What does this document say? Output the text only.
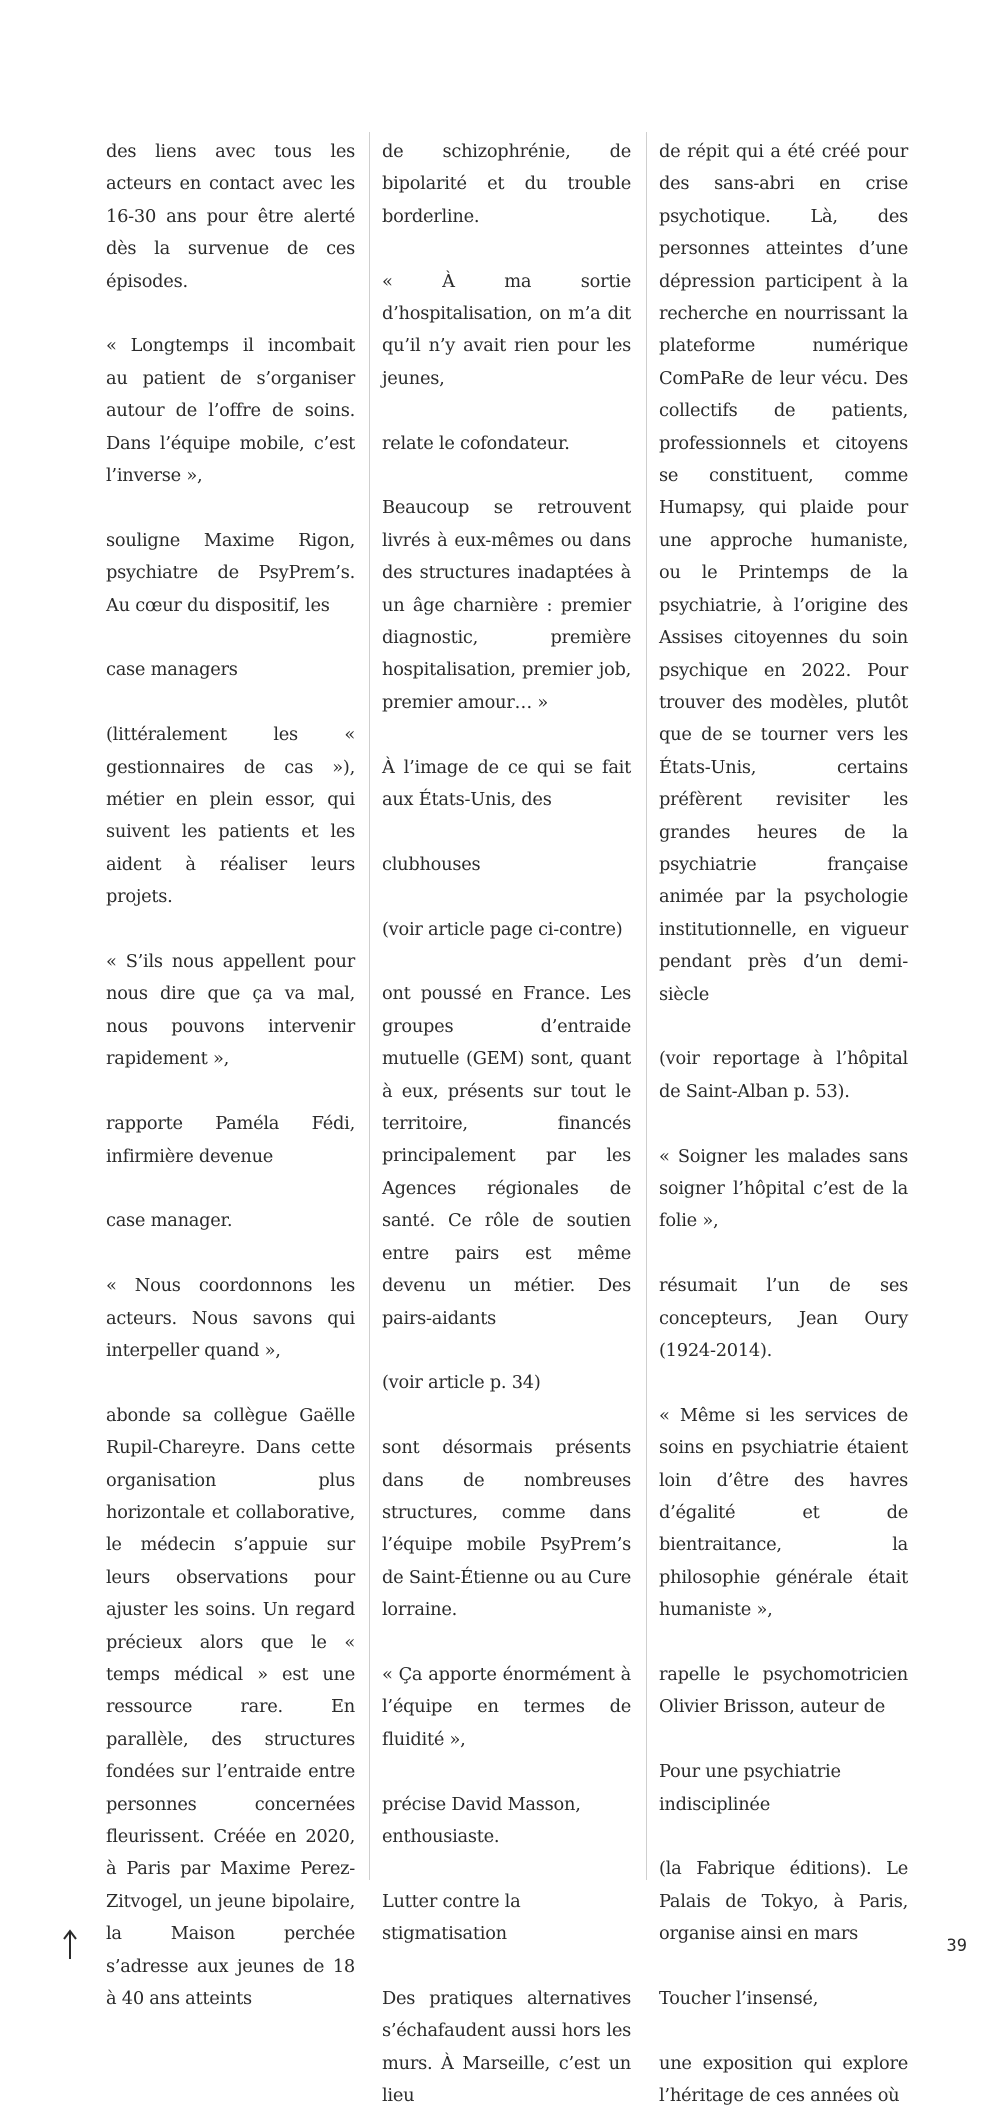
des liens avec tous les acteurs en contact avec les 16-30 ans pour être alerté dès la survenue de ces épisodes.

« Longtemps il incombait au patient de s’organiser autour de l’offre de soins. Dans l’équipe mobile, c’est l’inverse »,

souligne Maxime Rigon, psychiatre de PsyPrem’s. Au cœur du dispositif, les

case managers

(littéralement les « gestionnaires de cas »), métier en plein essor, qui suivent les patients et les aident à réaliser leurs projets.

« S’ils nous appellent pour nous dire que ça va mal, nous pouvons intervenir rapidement »,

rapporte Paméla Fédi, infirmière devenue

case manager.

« Nous coordonnons les acteurs. Nous savons qui interpeller quand »,

abonde sa collègue Gaëlle Rupil-Chareyre. Dans cette organisation plus horizontale et collaborative, le médecin s’appuie sur leurs observations pour ajuster les soins. Un regard précieux alors que le « temps médical » est une ressource rare. En parallèle, des structures fondées sur l’entraide entre personnes concernées fleurissent. Créée en 2020, à Paris par Maxime Perez-Zitvogel, un jeune bipolaire, la Maison perchée s’adresse aux jeunes de 18 à 40 ans atteints

de schizophrénie, de bipolarité et du trouble borderline.

« À ma sortie d’hospitalisation, on m’a dit qu’il n’y avait rien pour les jeunes,

relate le cofondateur.

Beaucoup se retrouvent livrés à eux-mêmes ou dans des structures inadaptées à un âge charnière : premier diagnostic, première hospitalisation, premier job, premier amour… »

À l’image de ce qui se fait aux États-Unis, des

clubhouses

(voir article page ci-contre)

ont poussé en France. Les groupes d’entraide mutuelle (GEM) sont, quant à eux, présents sur tout le territoire, financés principalement par les Agences régionales de santé. Ce rôle de soutien entre pairs est même devenu un métier. Des pairs-aidants

(voir article p. 34)

sont désormais présents dans de nombreuses structures, comme dans l’équipe mobile PsyPrem’s de Saint-Étienne ou au Cure lorraine.

« Ça apporte énormément à l’équipe en termes de fluidité »,

précise David Masson, enthousiaste.

Lutter contre la stigmatisation

Des pratiques alternatives s’échafaudent aussi hors les murs. À Marseille, c’est un lieu

de répit qui a été créé pour des sans-abri en crise psychotique. Là, des personnes atteintes d’une dépression participent à la recherche en nourrissant la plateforme numérique ComPaRe de leur vécu. Des collectifs de patients, professionnels et citoyens se constituent, comme Humapsy, qui plaide pour une approche humaniste, ou le Printemps de la psychiatrie, à l’origine des Assises citoyennes du soin psychique en 2022. Pour trouver des modèles, plutôt que de se tourner vers les États-Unis, certains préfèrent revisiter les grandes heures de la psychiatrie française animée par la psychologie institutionnelle, en vigueur pendant près d’un demi-siècle

(voir reportage à l’hôpital de Saint-Alban p. 53).

« Soigner les malades sans soigner l’hôpital c’est de la folie »,

résumait l’un de ses concepteurs, Jean Oury (1924-2014).

« Même si les services de soins en psychiatrie étaient loin d’être des havres d’égalité et de bientraitance, la philosophie générale était humaniste »,

rapelle le psychomotricien Olivier Brisson, auteur de

Pour une psychiatrie indisciplinée

(la Fabrique éditions). Le Palais de Tokyo, à Paris, organise ainsi en mars

Toucher l’insensé,

une exposition qui explore l’héritage de ces années où

39
